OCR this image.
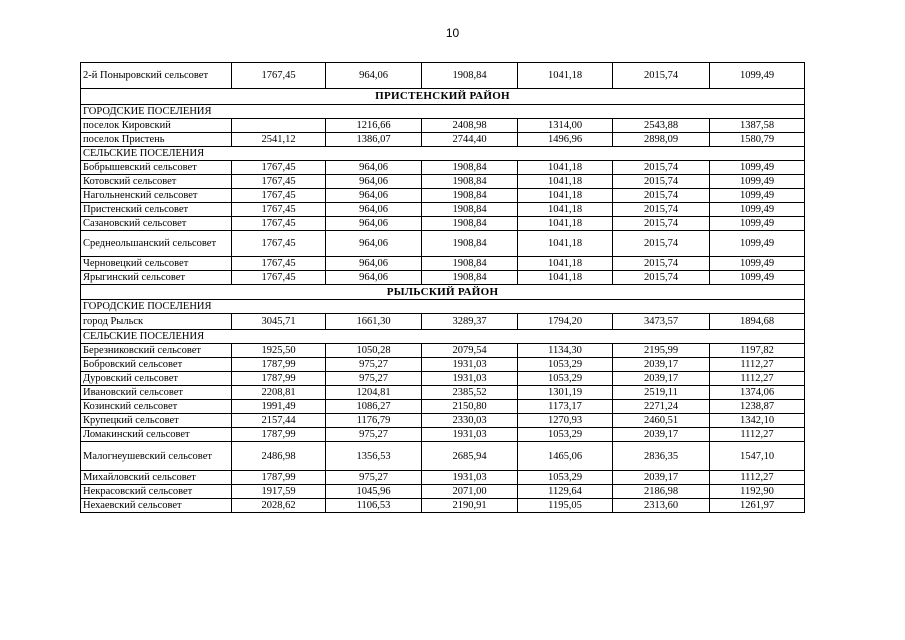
10
2-й Поныровский сельсовет	1767,45	964,06	1908,84	1041,18	2015,74	1099,49
ПРИСТЕНСКИЙ РАЙОН						
ГОРОДСКИЕ ПОСЕЛЕНИЯ						
поселок Кировский		1216,66	2408,98	1314,00	2543,88	1387,58
поселок Пристень	2541,12	1386,07	2744,40	1496,96	2898,09	1580,79
СЕЛЬСКИЕ ПОСЕЛЕНИЯ						
Бобрышевский сельсовет	1767,45	964,06	1908,84	1041,18	2015,74	1099,49
Котовский сельсовет	1767,45	964,06	1908,84	1041,18	2015,74	1099,49
Нагольненский сельсовет	1767,45	964,06	1908,84	1041,18	2015,74	1099,49
Пристенский сельсовет	1767,45	964,06	1908,84	1041,18	2015,74	1099,49
Сазановский сельсовет	1767,45	964,06	1908,84	1041,18	2015,74	1099,49
Среднеольшанский сельсовет	1767,45	964,06	1908,84	1041,18	2015,74	1099,49
Черновецкий сельсовет	1767,45	964,06	1908,84	1041,18	2015,74	1099,49
Ярыгинский сельсовет	1767,45	964,06	1908,84	1041,18	2015,74	1099,49
РЫЛЬСКИЙ РАЙОН						
ГОРОДСКИЕ ПОСЕЛЕНИЯ						
город Рыльск	3045,71	1661,30	3289,37	1794,20	3473,57	1894,68
СЕЛЬСКИЕ ПОСЕЛЕНИЯ						
Березниковский сельсовет	1925,50	1050,28	2079,54	1134,30	2195,99	1197,82
Бобровский сельсовет	1787,99	975,27	1931,03	1053,29	2039,17	1112,27
Дуровский сельсовет	1787,99	975,27	1931,03	1053,29	2039,17	1112,27
Ивановский сельсовет	2208,81	1204,81	2385,52	1301,19	2519,11	1374,06
Козинский сельсовет	1991,49	1086,27	2150,80	1173,17	2271,24	1238,87
Крупецкий сельсовет	2157,44	1176,79	2330,03	1270,93	2460,51	1342,10
Ломакинский сельсовет	1787,99	975,27	1931,03	1053,29	2039,17	1112,27
Малогнеушевский сельсовет	2486,98	1356,53	2685,94	1465,06	2836,35	1547,10
Михайловский сельсовет	1787,99	975,27	1931,03	1053,29	2039,17	1112,27
Некрасовский сельсовет	1917,59	1045,96	2071,00	1129,64	2186,98	1192,90
Нехаевский сельсовет	2028,62	1106,53	2190,91	1195,05	2313,60	1261,97
